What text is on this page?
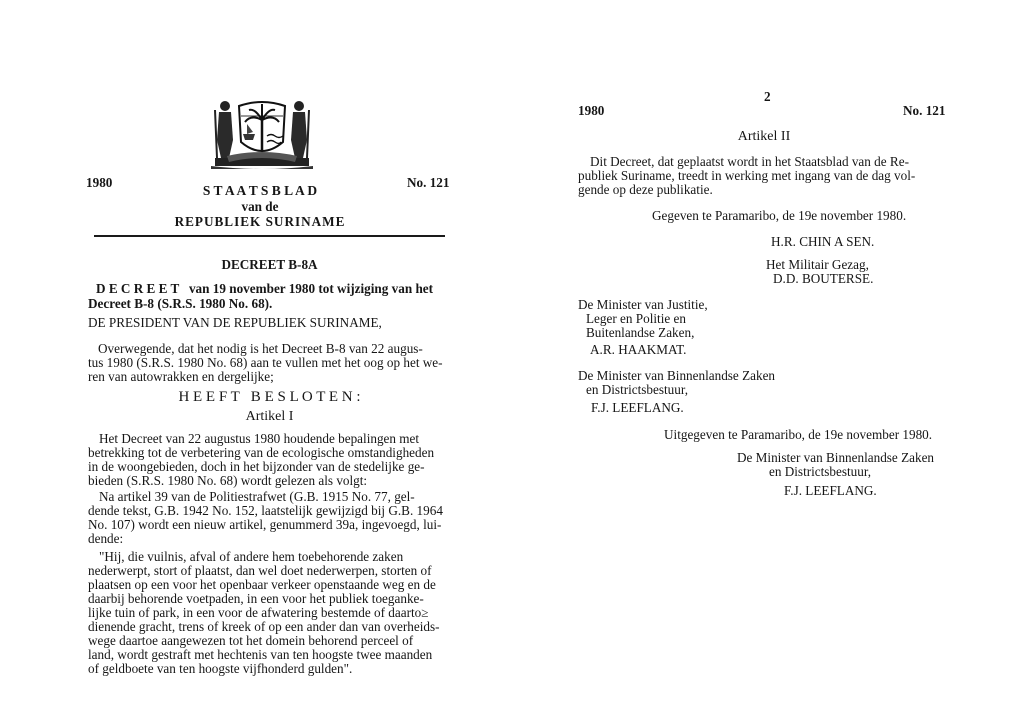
1980	No. 121
S T A A T S B L A D
van de
REPUBLIEK SURINAME
DECREET B-8A
D E C R E E T   van 19 november 1980 tot wijziging van het
Decreet B-8 (S.R.S. 1980 No. 68).
DE PRESIDENT VAN DE REPUBLIEK SURINAME,
Overwegende, dat het nodig is het Decreet B-8 van 22 augus-
tus 1980 (S.R.S. 1980 No. 68) aan te vullen met het oog op het we-
ren van autowrakken en dergelijke;
H E E F T   B E S L O T E N :
Artikel I
Het Decreet van 22 augustus 1980 houdende bepalingen met
betrekking tot de verbetering van de ecologische omstandigheden
in de woongebieden, doch in het bijzonder van de stedelijke ge-
bieden (S.R.S. 1980 No. 68) wordt gelezen als volgt:
Na artikel 39 van de Politiestrafwet (G.B. 1915 No. 77, gel-
dende tekst, G.B. 1942 No. 152, laatstelijk gewijzigd bij G.B. 1964
No. 107) wordt een nieuw artikel, genummerd 39a, ingevoegd, lui-
dende:
"Hij, die vuilnis, afval of andere hem toebehorende zaken
nederwerpt, stort of plaatst, dan wel doet nederwerpen, storten of
plaatsen op een voor het openbaar verkeer openstaande weg en de
daarbij behorende voetpaden, in een voor het publiek toeganke-
lijke tuin of park, in een voor de afwatering bestemde of daarto≥
dienende gracht, trens of kreek of op een ander dan van overheids-
wege daartoe aangewezen tot het domein behorend perceel of
land, wordt gestraft met hechtenis van ten hoogste twee maanden
of geldboete van ten hoogste vijfhonderd gulden".
2
1980	No. 121
Artikel II
Dit Decreet, dat geplaatst wordt in het Staatsblad van de Re-
publiek Suriname, treedt in werking met ingang van de dag vol-
gende op deze publikatie.
Gegeven te Paramaribo, de 19e november 1980.
H.R. CHIN A SEN.
Het Militair Gezag,
D.D. BOUTERSE.
De Minister van Justitie,
Leger en Politie en
Buitenlandse Zaken,
A.R. HAAKMAT.
De Minister van Binnenlandse Zaken
en Districtsbestuur,
F.J. LEEFLANG.
Uitgegeven te Paramaribo, de 19e november 1980.
De Minister van Binnenlandse Zaken
en Districtsbestuur,
F.J. LEEFLANG.
